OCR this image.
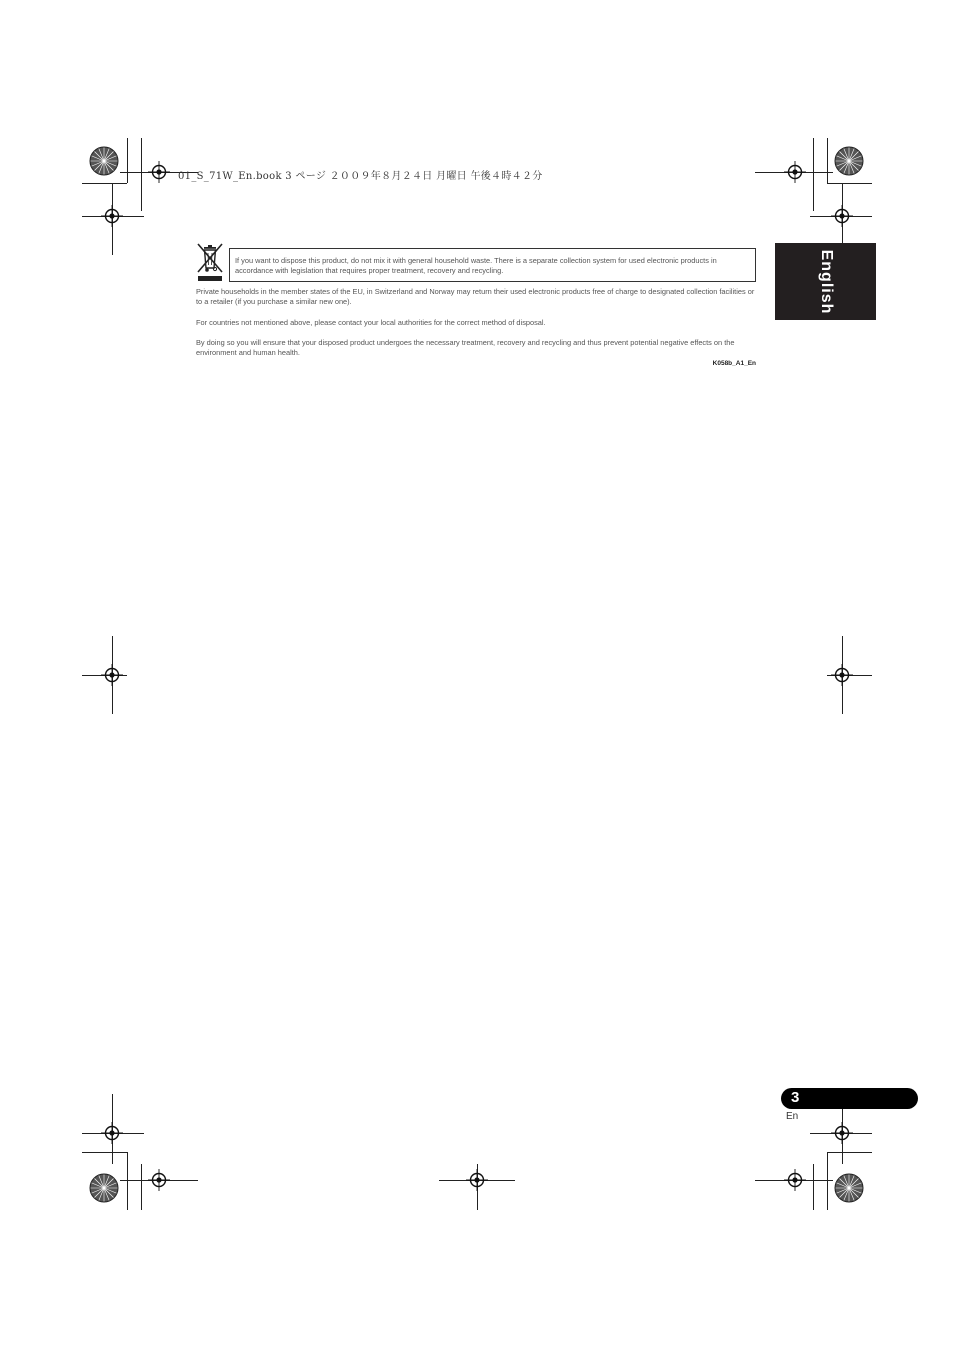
01_S_71W_En.book 3 ページ ２００９年８月２４日 月曜日 午後４時４２分
If you want to dispose this product, do not mix it with general household waste. There is a separate collection system for used electronic products in accordance with legislation that requires proper treatment, recovery and recycling.
Private households in the member states of the EU, in Switzerland and Norway may return their used electronic products free of charge to designated collection facilities or to a retailer (if you purchase a similar new one).
For countries not mentioned above, please contact your local authorities for the correct method of disposal.
By doing so you will ensure that your disposed product undergoes the necessary treatment, recovery and recycling and thus prevent potential negative effects on the environment and human health.
K058b_A1_En
English
3
En
